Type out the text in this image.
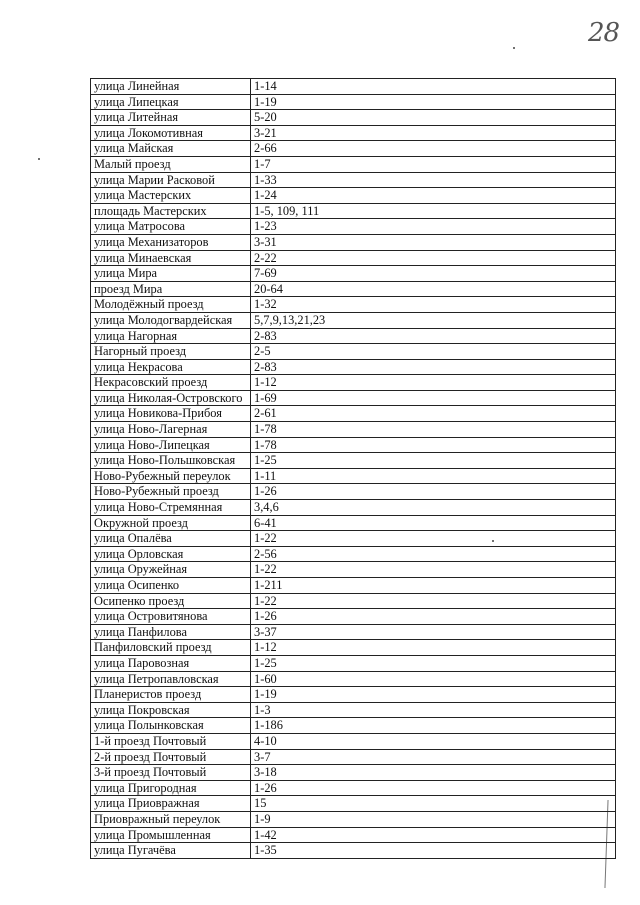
28
улица Линейная	1-14
улица Липецкая	1-19
улица Литейная	5-20
улица Локомотивная	3-21
улица Майская	2-66
Малый проезд	1-7
улица Марии Расковой	1-33
улица Мастерских	1-24
площадь Мастерских	1-5, 109, 111
улица Матросова	1-23
улица Механизаторов	3-31
улица Минаевская	2-22
улица Мира	7-69
проезд Мира	20-64
Молодёжный проезд	1-32
улица Молодогвардейская	5,7,9,13,21,23
улица Нагорная	2-83
Нагорный проезд	2-5
улица Некрасова	2-83
Некрасовский проезд	1-12
улица Николая-Островского	1-69
улица Новикова-Прибоя	2-61
улица Ново-Лагерная	1-78
улица Ново-Липецкая	1-78
улица Ново-Польшковская	1-25
Ново-Рубежный переулок	1-11
Ново-Рубежный проезд	1-26
улица Ново-Стремянная	3,4,6
Окружной проезд	6-41
улица Опалёва	1-22
улица Орловская	2-56
улица Оружейная	1-22
улица Осипенко	1-211
Осипенко проезд	1-22
улица Островитянова	1-26
улица Панфилова	3-37
Панфиловский проезд	1-12
улица Паровозная	1-25
улица Петропавловская	1-60
Планеристов проезд	1-19
улица Покровская	1-3
улица Полынковская	1-186
1-й проезд Почтовый	4-10
2-й проезд Почтовый	3-7
3-й проезд Почтовый	3-18
улица Пригородная	1-26
улица Приовражная	15
Приовражный переулок	1-9
улица Промышленная	1-42
улица Пугачёва	1-35
